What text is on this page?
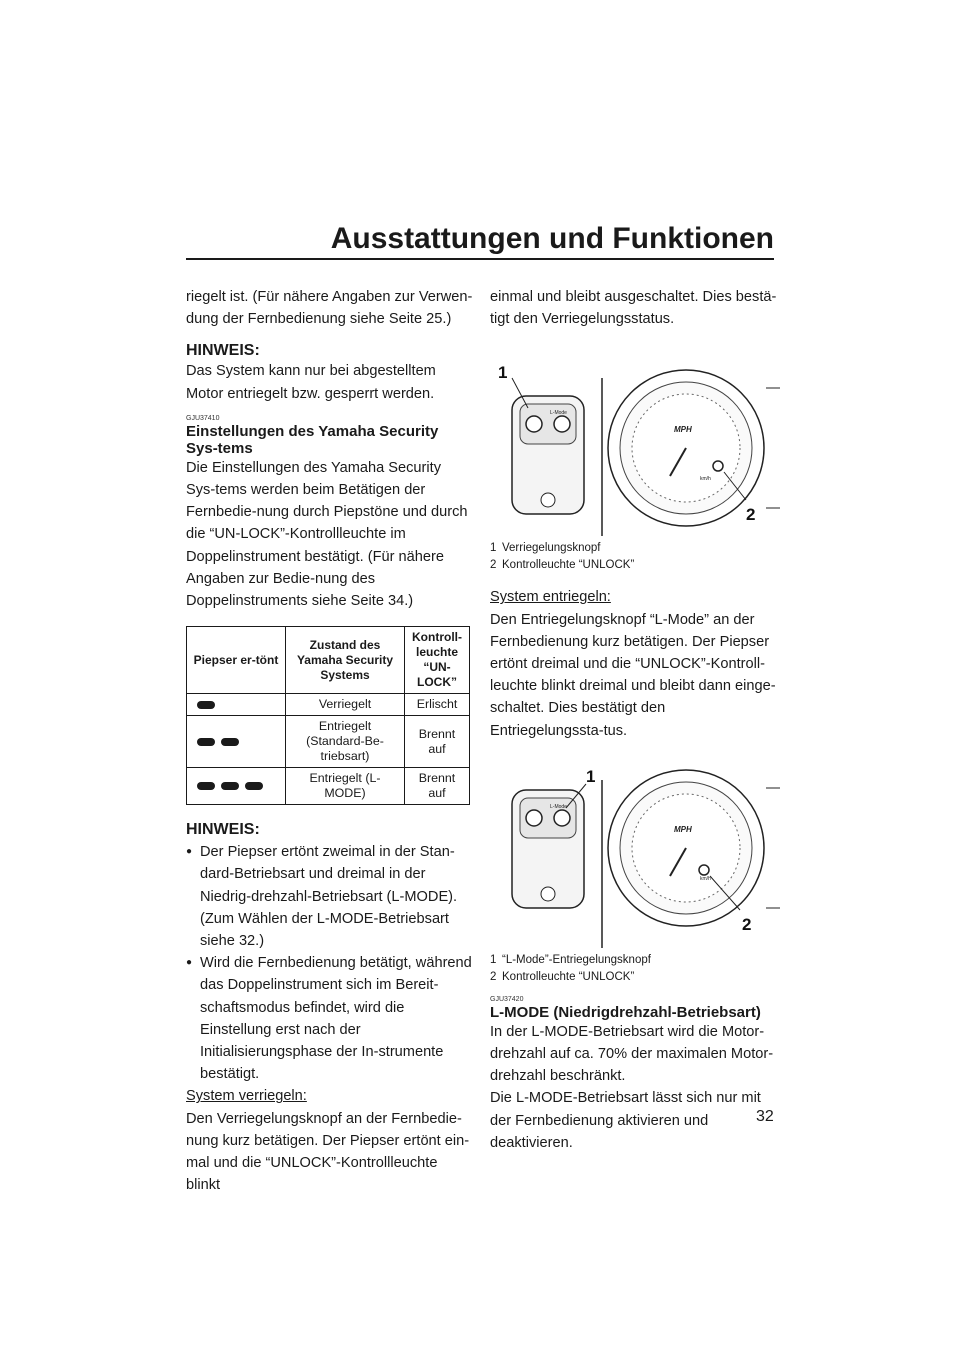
Ausstattungen und Funktionen

riegelt ist. (Für nähere Angaben zur Verwen-dung der Fernbedienung siehe Seite 25.)

HINWEIS:

Das System kann nur bei abgestelltem Motor entriegelt bzw. gesperrt werden.

GJU37410
Einstellungen des Yamaha Security Sys-tems

Die Einstellungen des Yamaha Security Sys-tems werden beim Betätigen der Fernbedie-nung durch Piepstöne und durch die “UN-LOCK”-Kontrollleuchte im Doppelinstrument bestätigt. (Für nähere Angaben zur Bedie-nung des Doppelinstruments siehe Seite 34.)

Piepser er-tönt	Zustand des Yamaha Security Systems	Kontroll-leuchte “UN-LOCK”

	Verriegelt	Erlischt

	Entriegelt (Standard-Be-triebsart)	Brennt auf

	Entriegelt (L-MODE)	Brennt auf
HINWEIS:
● Der Piepser ertönt zweimal in der Stan-dard-Betriebsart und dreimal in der Niedrig-drehzahl-Betriebsart (L-MODE). (Zum Wählen der L-MODE-Betriebsart siehe 32.)
● Wird die Fernbedienung betätigt, während das Doppelinstrument sich im Bereit-schaftsmodus befindet, wird die Einstellung erst nach der Initialisierungsphase der In-strumente bestätigt.

System verriegeln:

Den Verriegelungsknopf an der Fernbedie-nung kurz betätigen. Der Piepser ertönt ein-mal und die “UNLOCK”-Kontrollleuchte blinkt

einmal und bleibt ausgeschaltet. Dies bestä-tigt den Verriegelungsstatus.

L-Mode
MPH
km/h
1
2
1 Verriegelungsknopf
2 Kontrolleuchte “UNLOCK”

System entriegeln:

Den Entriegelungsknopf “L-Mode” an der Fernbedienung kurz betätigen. Der Piepser ertönt dreimal und die “UNLOCK”-Kontroll-leuchte blinkt dreimal und bleibt dann einge-schaltet. Dies bestätigt den Entriegelungssta-tus.

L-Mode
MPH
km/h
1
2
1 “L-Mode”-Entriegelungsknopf
2 Kontrolleuchte “UNLOCK”
GJU37420
L-MODE (Niedrigdrehzahl-Betriebsart)

In der L-MODE-Betriebsart wird die Motor-drehzahl auf ca. 70% der maximalen Motor-drehzahl beschränkt.

Die L-MODE-Betriebsart lässt sich nur mit der Fernbedienung aktivieren und deaktivieren.

32
